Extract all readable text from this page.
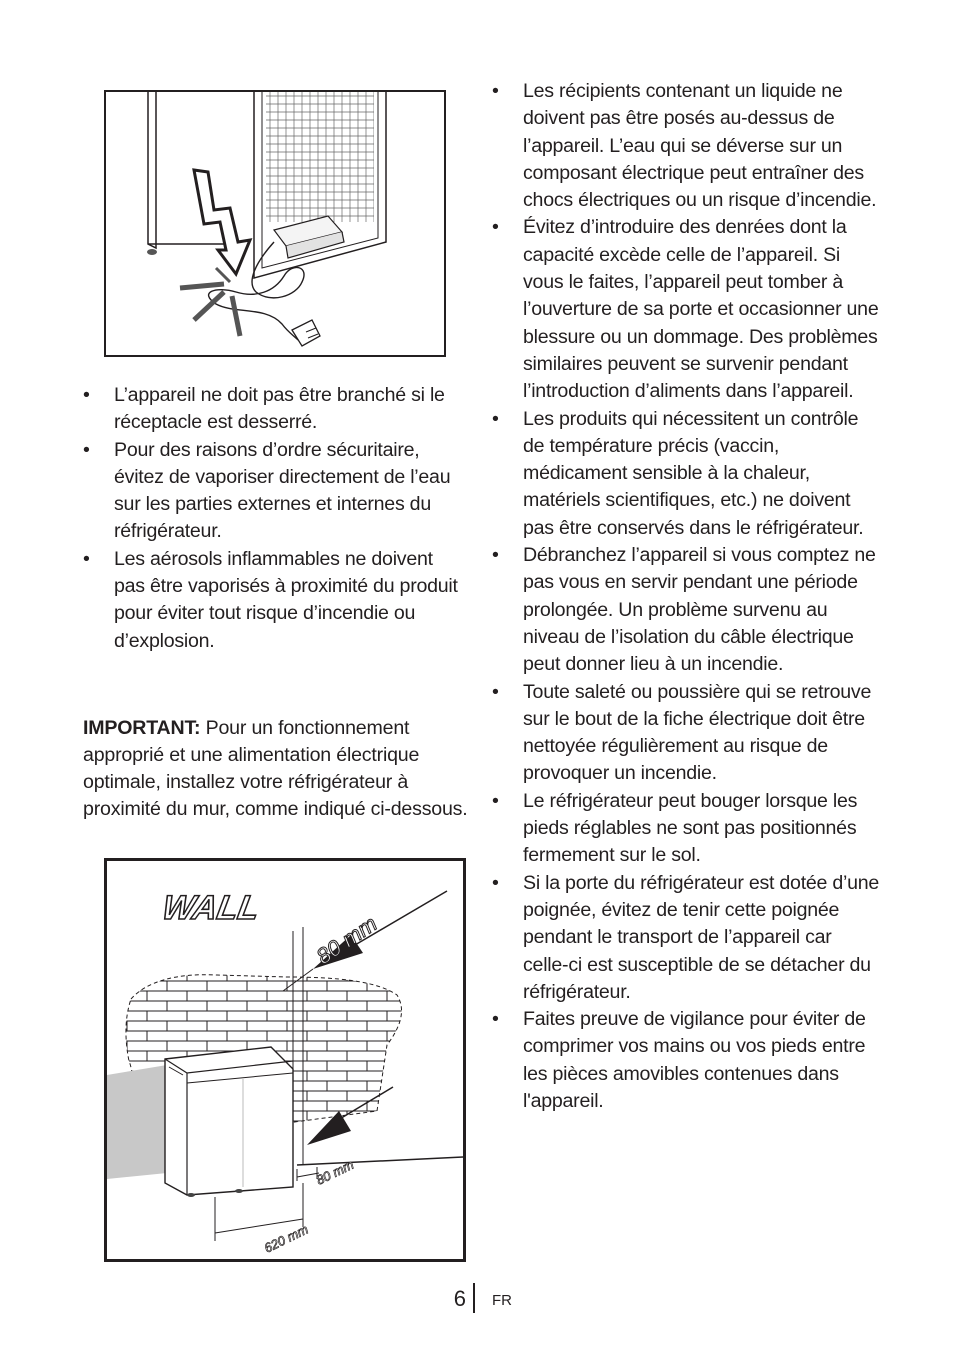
• L’appareil ne doit pas être branché si le réceptacle est desserré.
• Pour des raisons d’ordre sécuritaire, évitez de vaporiser directement de l’eau sur les parties externes et internes du réfrigérateur.
• Les aérosols inflammables ne doivent pas être vaporisés à proximité du produit pour éviter tout risque d’incendie ou d’explosion.

IMPORTANT: Pour un fonctionnement approprié et une alimentation électrique optimale, installez votre réfrigérateur à proximité du mur, comme indiqué ci-dessous.

WALL
80 mm
80 mm
620 mm
• Les récipients contenant un liquide ne doivent pas être posés au-dessus de l’appareil. L’eau qui se déverse sur un composant électrique peut entraîner des chocs électriques ou un risque d’incendie.
• Évitez d’introduire des denrées dont la capacité excède celle de l’appareil. Si vous le faites, l’appareil peut tomber à l’ouverture de sa porte et occasionner une blessure ou un dommage. Des problèmes similaires peuvent se survenir pendant l’introduction d’aliments dans l’appareil.
• Les produits qui nécessitent un contrôle de température précis (vaccin, médicament sensible à la chaleur, matériels scientifiques, etc.) ne doivent pas être conservés dans le réfrigérateur.
• Débranchez l’appareil si vous comptez ne pas vous en servir pendant une période prolongée. Un problème survenu au niveau de l’isolation du câble électrique peut donner lieu à un incendie.
• Toute saleté ou poussière qui se retrouve sur le bout de la fiche électrique doit être nettoyée régulièrement au risque de provoquer un incendie.
• Le réfrigérateur peut bouger lorsque les pieds réglables ne sont pas positionnés fermement sur le sol.
• Si la porte du réfrigérateur est dotée d’une poignée, évitez de tenir cette poignée pendant le transport de l’appareil car celle-ci est susceptible de se détacher du réfrigérateur.
• Faites preuve de vigilance pour éviter de comprimer vos mains ou vos pieds entre les pièces amovibles contenues dans l'appareil.
6 FR
